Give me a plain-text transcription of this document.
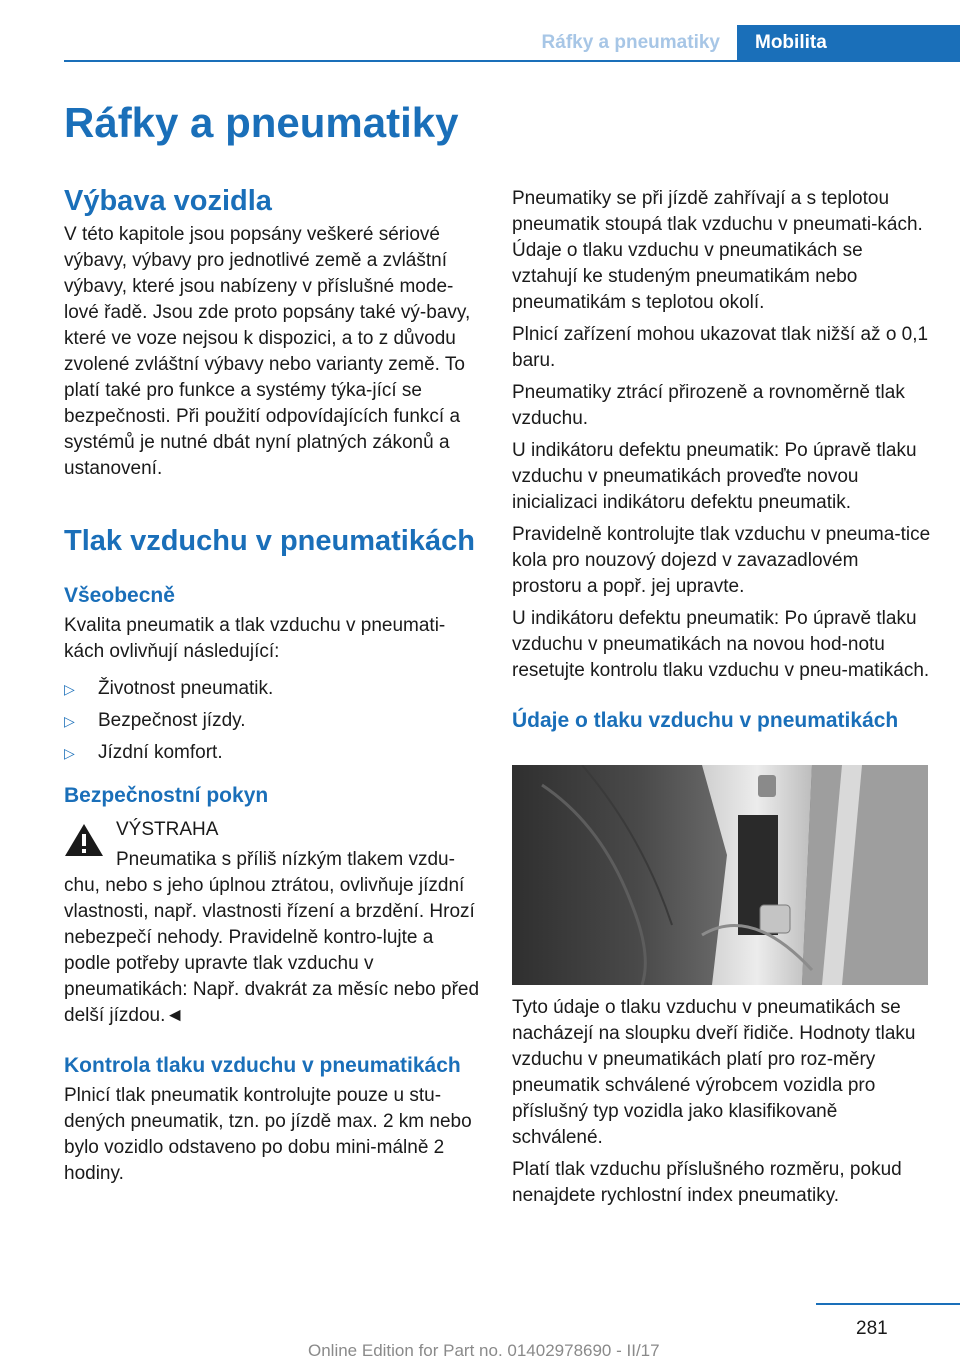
Ráfky a pneumatiky	Mobilita
Ráfky a pneumatiky
Výbava vozidla

V této kapitole jsou popsány veškeré sériové výbavy, výbavy pro jednotlivé země a zvláštní výbavy, které jsou nabízeny v příslušné mode-lové řadě. Jsou zde proto popsány také vý-bavy, které ve voze nejsou k dispozici, a to z důvodu zvolené zvláštní výbavy nebo varianty země. To platí také pro funkce a systémy týka-jící se bezpečnosti. Při použití odpovídajících funkcí a systémů je nutné dbát nyní platných zákonů a ustanovení.

Tlak vzduchu v pneumatikách
Všeobecně

Kvalita pneumatik a tlak vzduchu v pneumati-kách ovlivňují následující:

▷ Životnost pneumatik.
▷ Bezpečnost jízdy.
▷ Jízdní komfort.
Bezpečnostní pokyn

VÝSTRAHA

Pneumatika s příliš nízkým tlakem vzdu-chu, nebo s jeho úplnou ztrátou, ovlivňuje jízdní vlastnosti, např. vlastnosti řízení a brzdění. Hrozí nebezpečí nehody. Pravidelně kontro-lujte a podle potřeby upravte tlak vzduchu v pneumatikách: Např. dvakrát za měsíc nebo před delší jízdou.◄

Kontrola tlaku vzduchu v pneumatikách

Plnicí tlak pneumatik kontrolujte pouze u stu-dených pneumatik, tzn. po jízdě max. 2 km nebo bylo vozidlo odstaveno po dobu mini-málně 2 hodiny.

Pneumatiky se při jízdě zahřívají a s teplotou pneumatik stoupá tlak vzduchu v pneumati-kách. Údaje o tlaku vzduchu v pneumatikách se vztahují ke studeným pneumatikám nebo pneumatikám s teplotou okolí.

Plnicí zařízení mohou ukazovat tlak nižší až o 0,1 baru.

Pneumatiky ztrácí přirozeně a rovnoměrně tlak vzduchu.

U indikátoru defektu pneumatik: Po úpravě tlaku vzduchu v pneumatikách proveďte novou inicializaci indikátoru defektu pneumatik.

Pravidelně kontrolujte tlak vzduchu v pneuma-tice kola pro nouzový dojezd v zavazadlovém prostoru a popř. jej upravte.

U indikátoru defektu pneumatik: Po úpravě tlaku vzduchu v pneumatikách na novou hod-notu resetujte kontrolu tlaku vzduchu v pneu-matikách.

Údaje o tlaku vzduchu v pneumatikách

Tyto údaje o tlaku vzduchu v pneumatikách se nacházejí na sloupku dveří řidiče. Hodnoty tlaku vzduchu v pneumatikách platí pro roz-měry pneumatik schválené výrobcem vozidla pro příslušný typ vozidla jako klasifikovaně schválené.

Platí tlak vzduchu příslušného rozměru, pokud nenajdete rychlostní index pneumatiky.

281
Online Edition for Part no. 01402978690 - II/17
